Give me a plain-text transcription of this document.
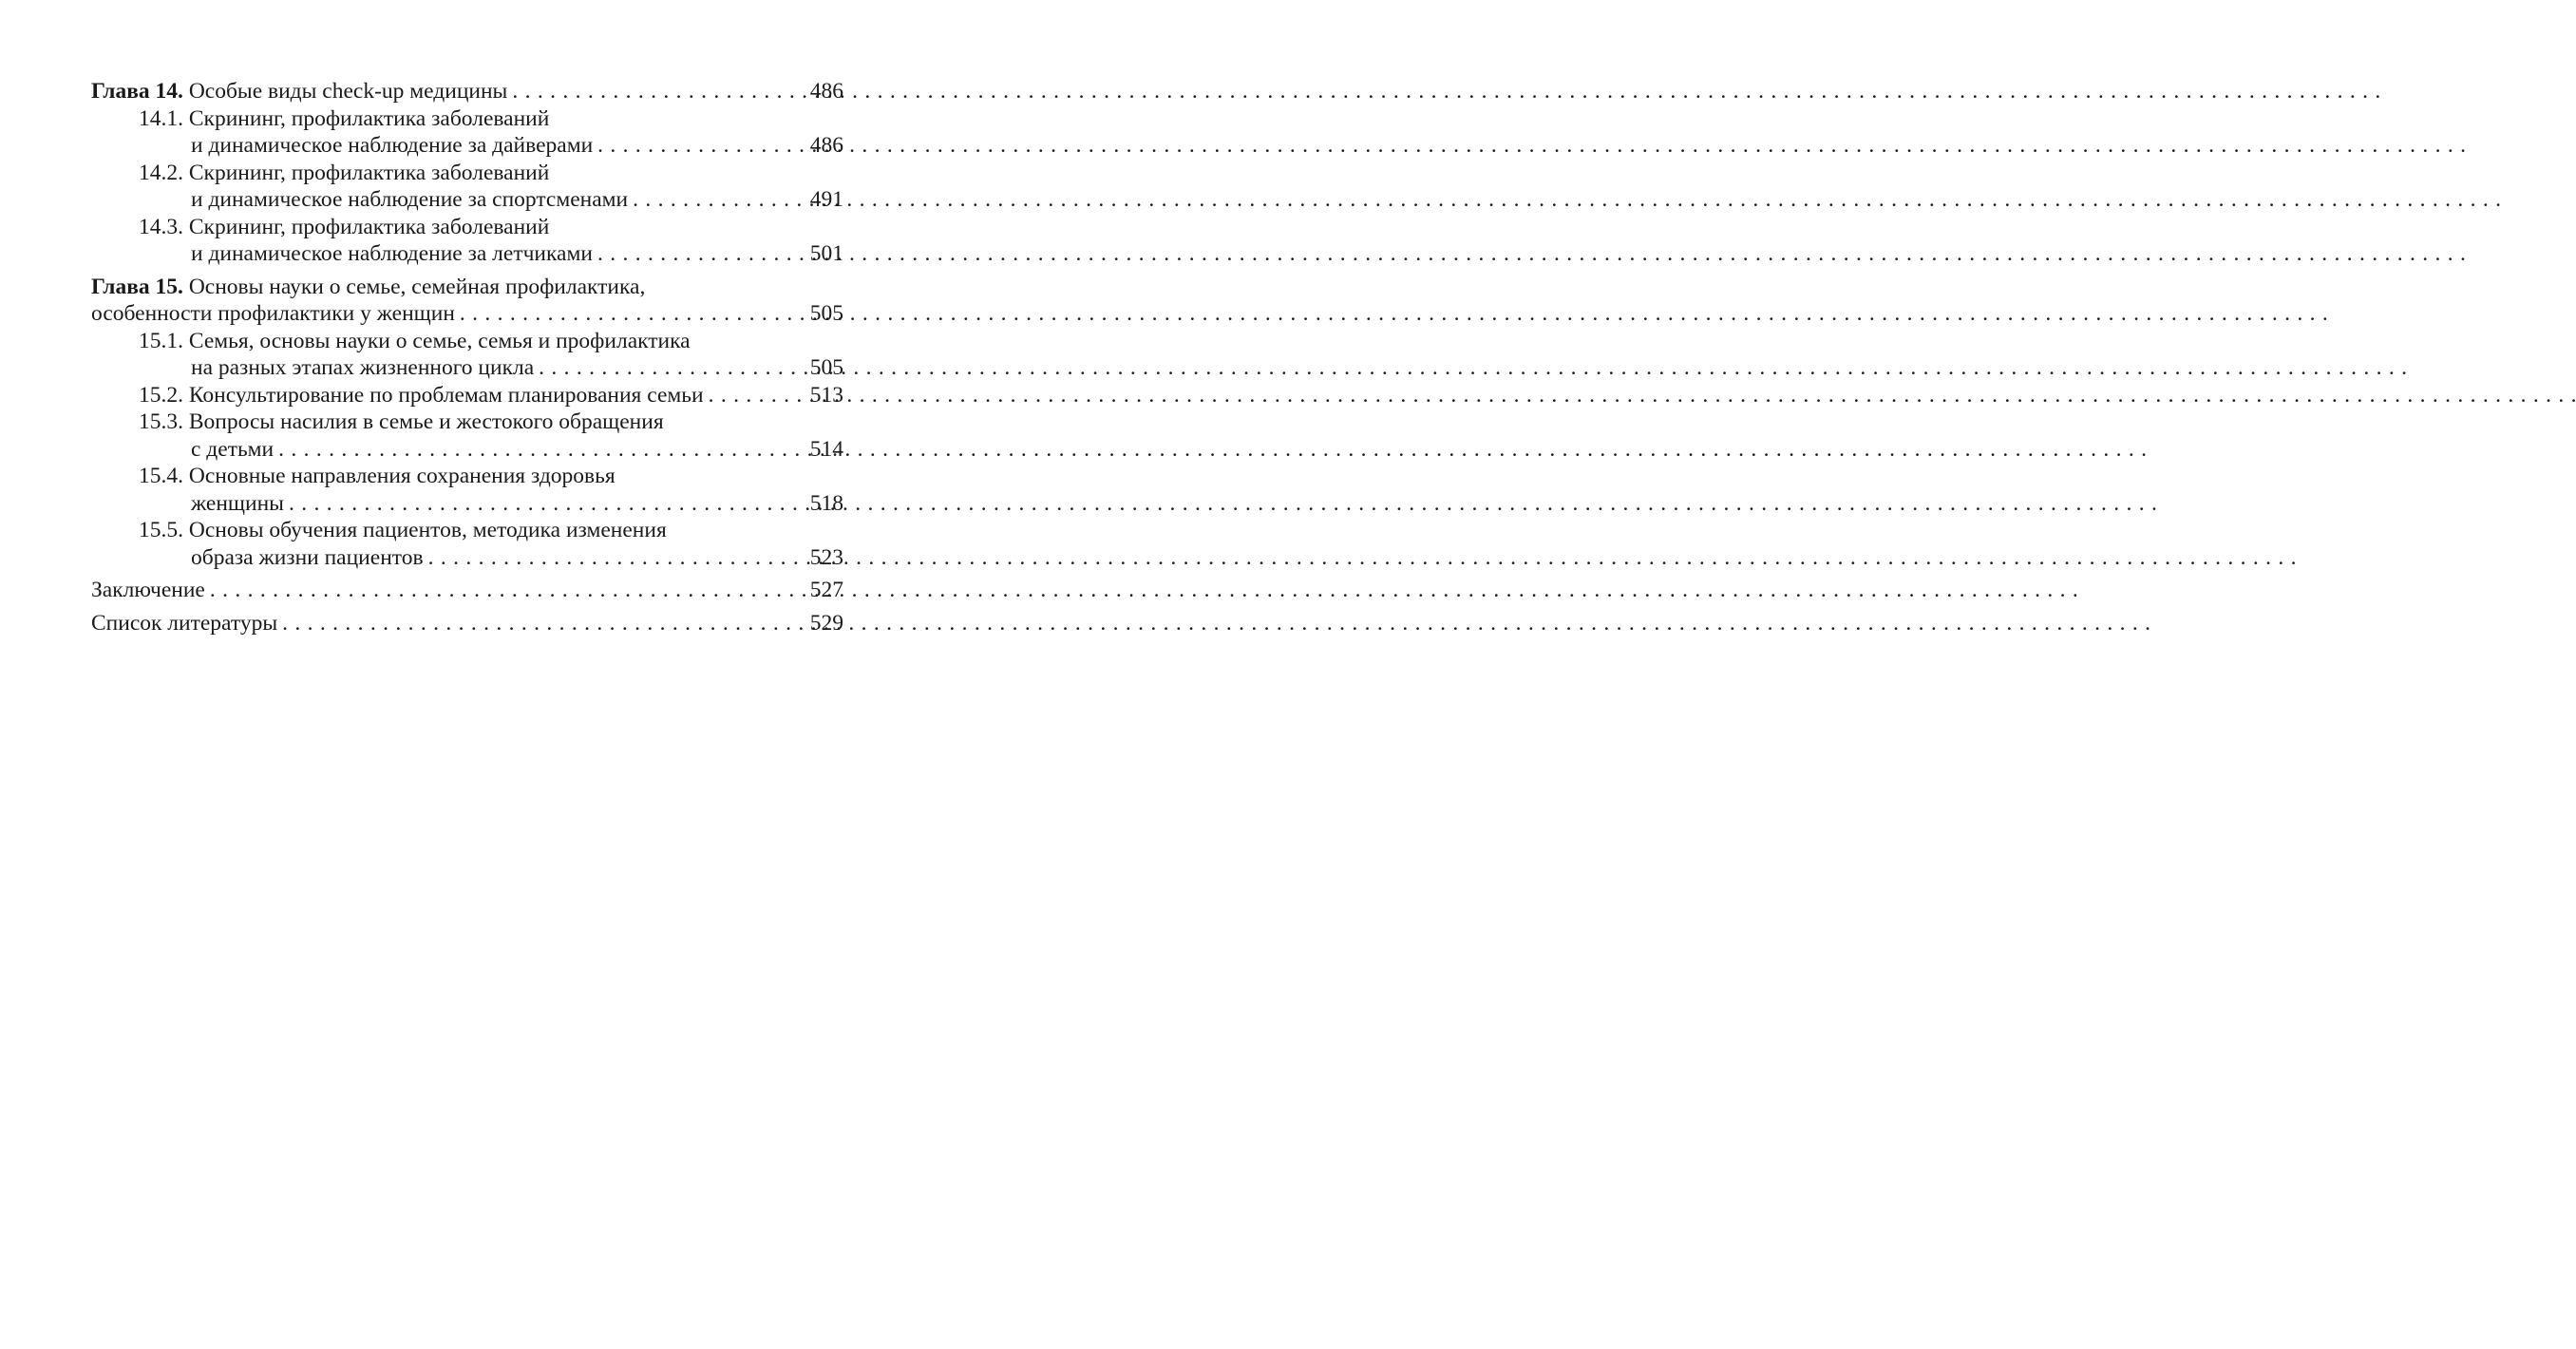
Глава 14. Особые виды check-up медицины . . .	486
14.1. Скрининг, профилактика заболеваний
и динамическое наблюдение за дайверами . . .	486
14.2. Скрининг, профилактика заболеваний
и динамическое наблюдение за спортсменами . . .	491
14.3. Скрининг, профилактика заболеваний
и динамическое наблюдение за летчиками . . .	501
Глава 15. Основы науки о семье, семейная профилактика,
особенности профилактики у женщин . . .	505
15.1. Семья, основы науки о семье, семья и профилактика
на разных этапах жизненного цикла . . .	505
15.2. Консультирование по проблемам планирования семьи . . .	513
15.3. Вопросы насилия в семье и жестокого обращения
с детьми . . .	514
15.4. Основные направления сохранения здоровья
женщины . . .	518
15.5. Основы обучения пациентов, методика изменения
образа жизни пациентов . . .	523
Заключение . . .	527
Список литературы . . .	529
